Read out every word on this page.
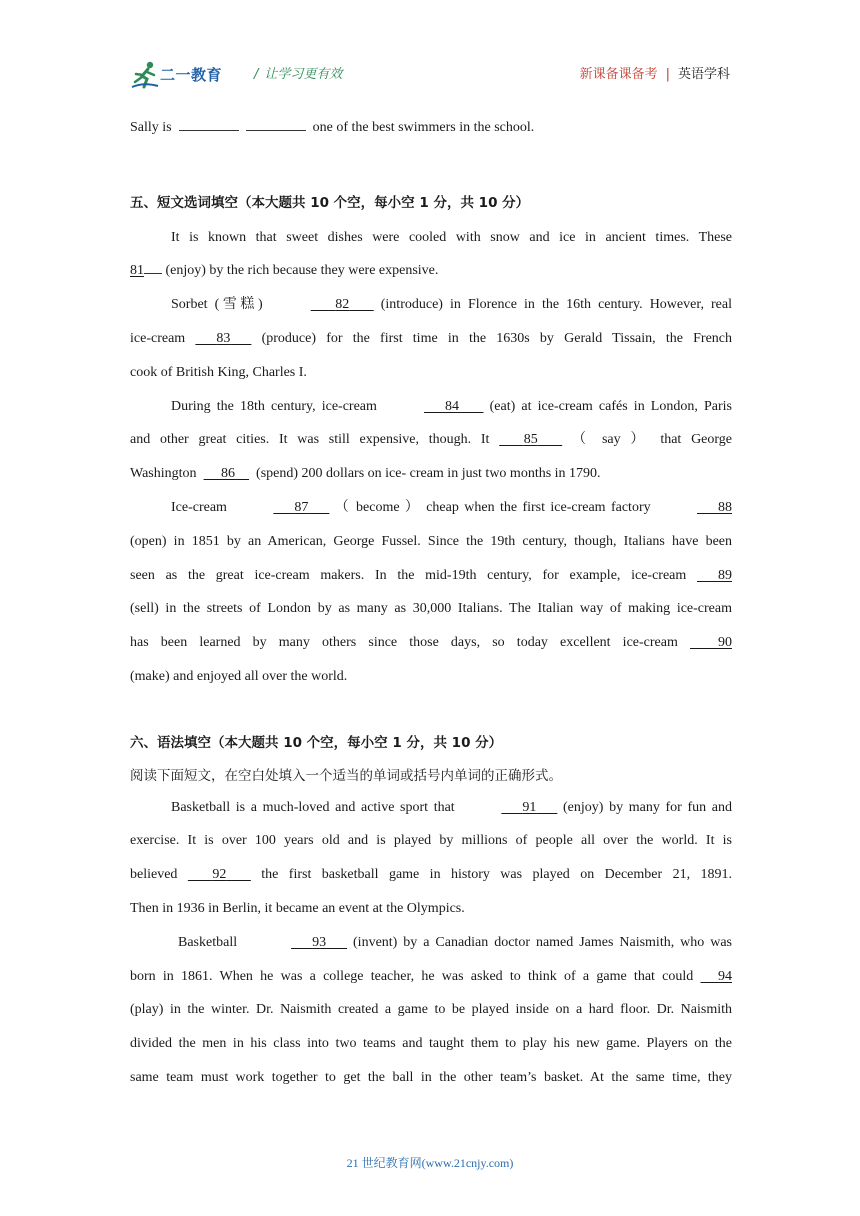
二一教育 / 让学习更有效	新课备课备考 | 英语学科
Sally is	one of the best swimmers in the school.
五、短文选词填空（本大题共 10 个空，每小空 1 分，共 10 分）
It is known that sweet dishes were cooled with snow and ice in ancient times. These
81 (enjoy) by the rich because they were expensive.
Sorbet (雪糕)	82 (introduce) in Florence in the 16th century. However, real
ice-cream 83 (produce) for the first time in the 1630s by Gerald Tissain, the French
cook of British King, Charles I.
During the 18th century, ice-cream	84 (eat) at ice-cream cafés in London, Paris
and other great cities. It was still expensive, though. It 85 （ say ） that George
Washington 86 (spend) 200 dollars on ice- cream in just two months in 1790.
Ice-cream	87 （ become ） cheap when the first ice-cream factory	88
(open) in 1851 by an American, George Fussel. Since the 19th century, though, Italians have been
seen as the great ice-cream makers. In the mid-19th century, for example, ice-cream 89
(sell) in the streets of London by as many as 30,000 Italians. The Italian way of making ice-cream
has been learned by many others since those days, so today excellent ice-cream	90
(make) and enjoyed all over the world.
六、语法填空（本大题共 10 个空，每小空 1 分，共 10 分）
阅读下面短文，在空白处填入一个适当的单词或括号内单词的正确形式。
Basketball is a much-loved and active sport that	91 (enjoy) by many for fun and
exercise. It is over 100 years old and is played by millions of people all over the world. It is
believed 92 the first basketball game in history was played on December 21, 1891.
Then in 1936 in Berlin, it became an event at the Olympics.
Basketball	93 (invent) by a Canadian doctor named James Naismith, who was
born in 1861. When he was a college teacher, he was asked to think of a game that could 94
(play) in the winter. Dr. Naismith created a game to be played inside on a hard floor. Dr. Naismith
divided the men in his class into two teams and taught them to play his new game. Players on the
same team must work together to get the ball in the other team’s basket. At the same time, they
21 世纪教育网(www.21cnjy.com)
